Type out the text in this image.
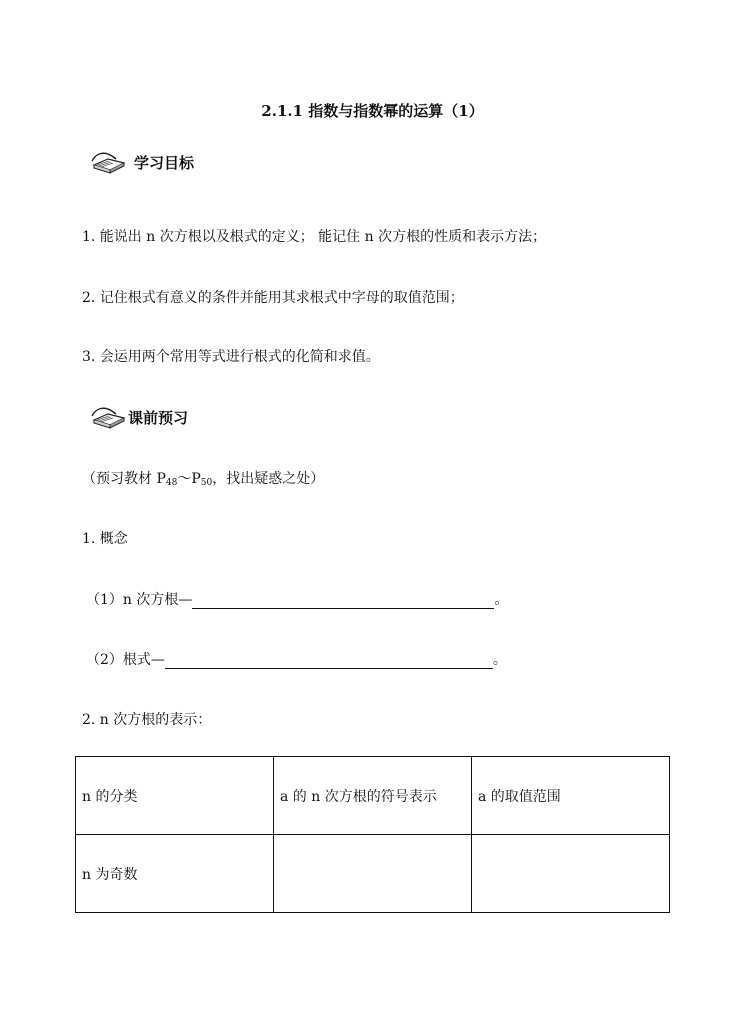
2.1.1 指数与指数幂的运算（1）
学习目标
1. 能说出 n 次方根以及根式的定义； 能记住 n 次方根的性质和表示方法；
2. 记住根式有意义的条件并能用其求根式中字母的取值范围；
3. 会运用两个常用等式进行根式的化简和求值。
课前预习
（预习教材 $P_{48}\sim P_{50}$，找出疑惑之处）
1. 概念
（1）n 次方根—	。
（2）根式—	。
2. n 次方根的表示：
n 的分类	a 的 n 次方根的符号表示	a 的取值范围
n 为奇数		
